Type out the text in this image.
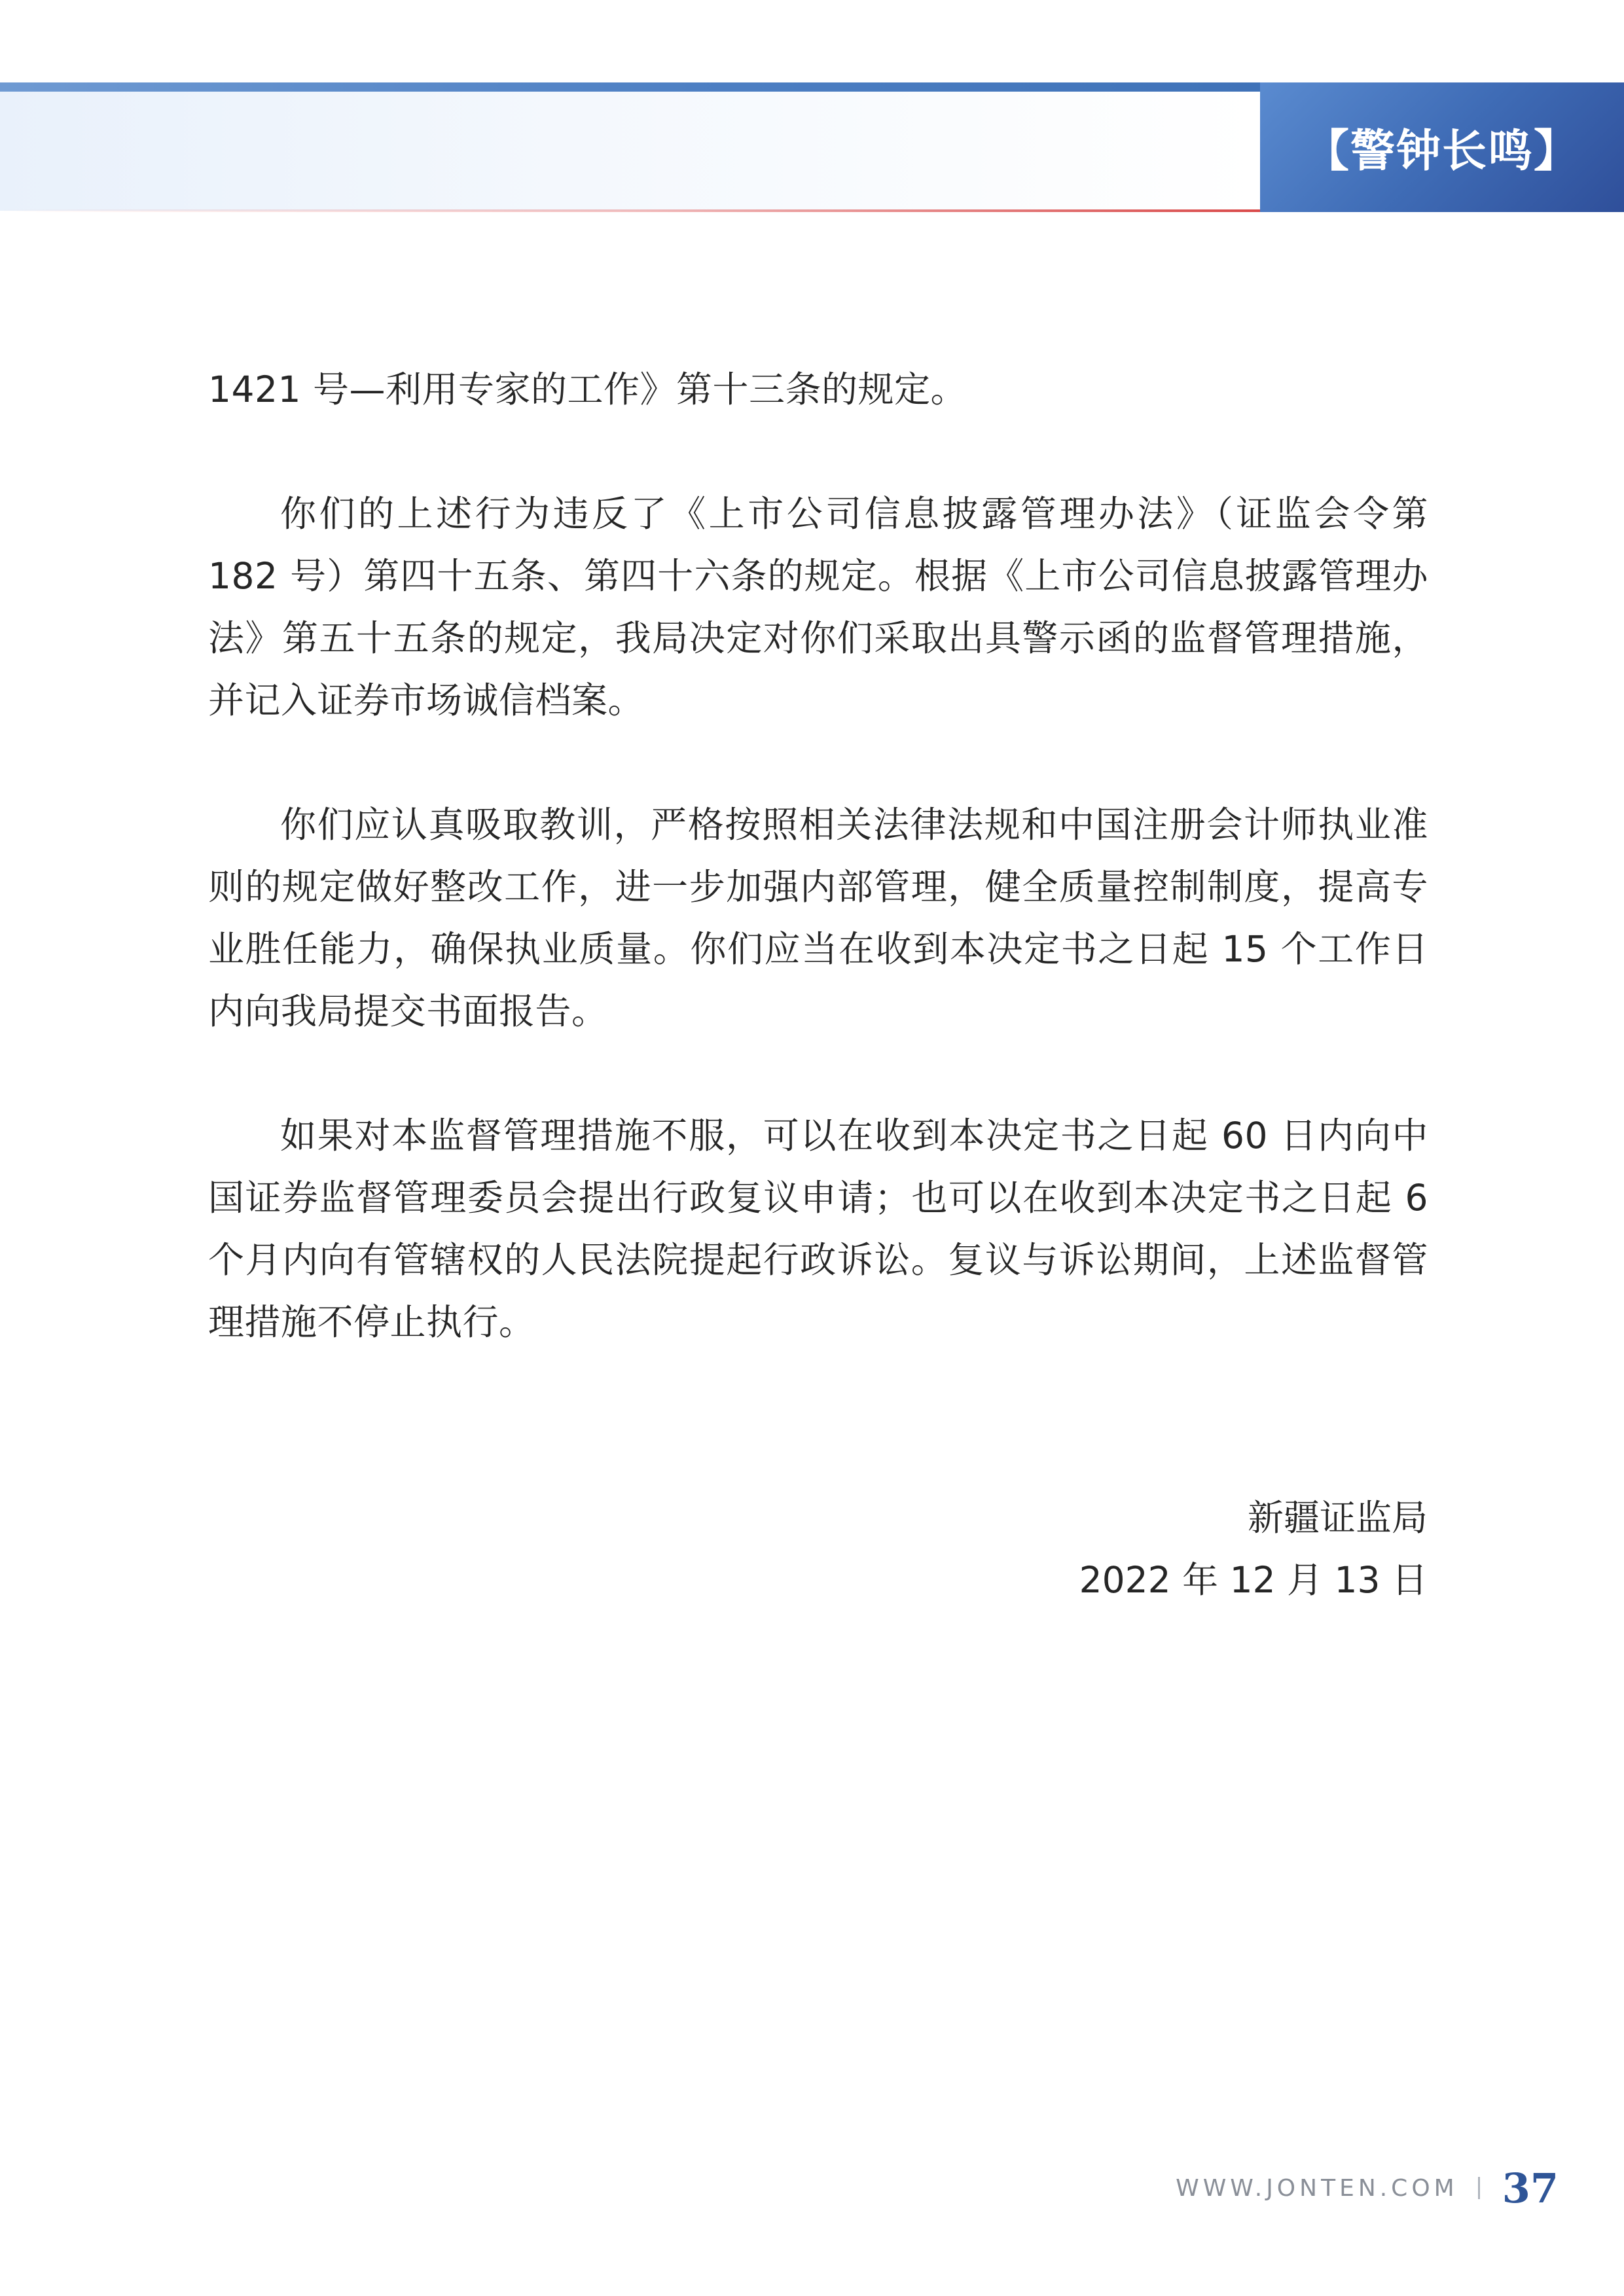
【警钟长鸣】

1421 号—利用专家的工作》第十三条的规定。

你们的上述行为违反了《上市公司信息披露管理办法》（证监会令第 182 号）第四十五条、第四十六条的规定。根据《上市公司信息披露管理办法》第五十五条的规定，我局决定对你们采取出具警示函的监督管理措施，并记入证券市场诚信档案。

你们应认真吸取教训，严格按照相关法律法规和中国注册会计师执业准则的规定做好整改工作，进一步加强内部管理，健全质量控制制度，提高专业胜任能力，确保执业质量。你们应当在收到本决定书之日起 15 个工作日内向我局提交书面报告。

如果对本监督管理措施不服，可以在收到本决定书之日起 60 日内向中国证券监督管理委员会提出行政复议申请；也可以在收到本决定书之日起 6 个月内向有管辖权的人民法院提起行政诉讼。复议与诉讼期间，上述监督管理措施不停止执行。

新疆证监局
2022 年 12 月 13 日
WWW.JONTEN.COM 37
